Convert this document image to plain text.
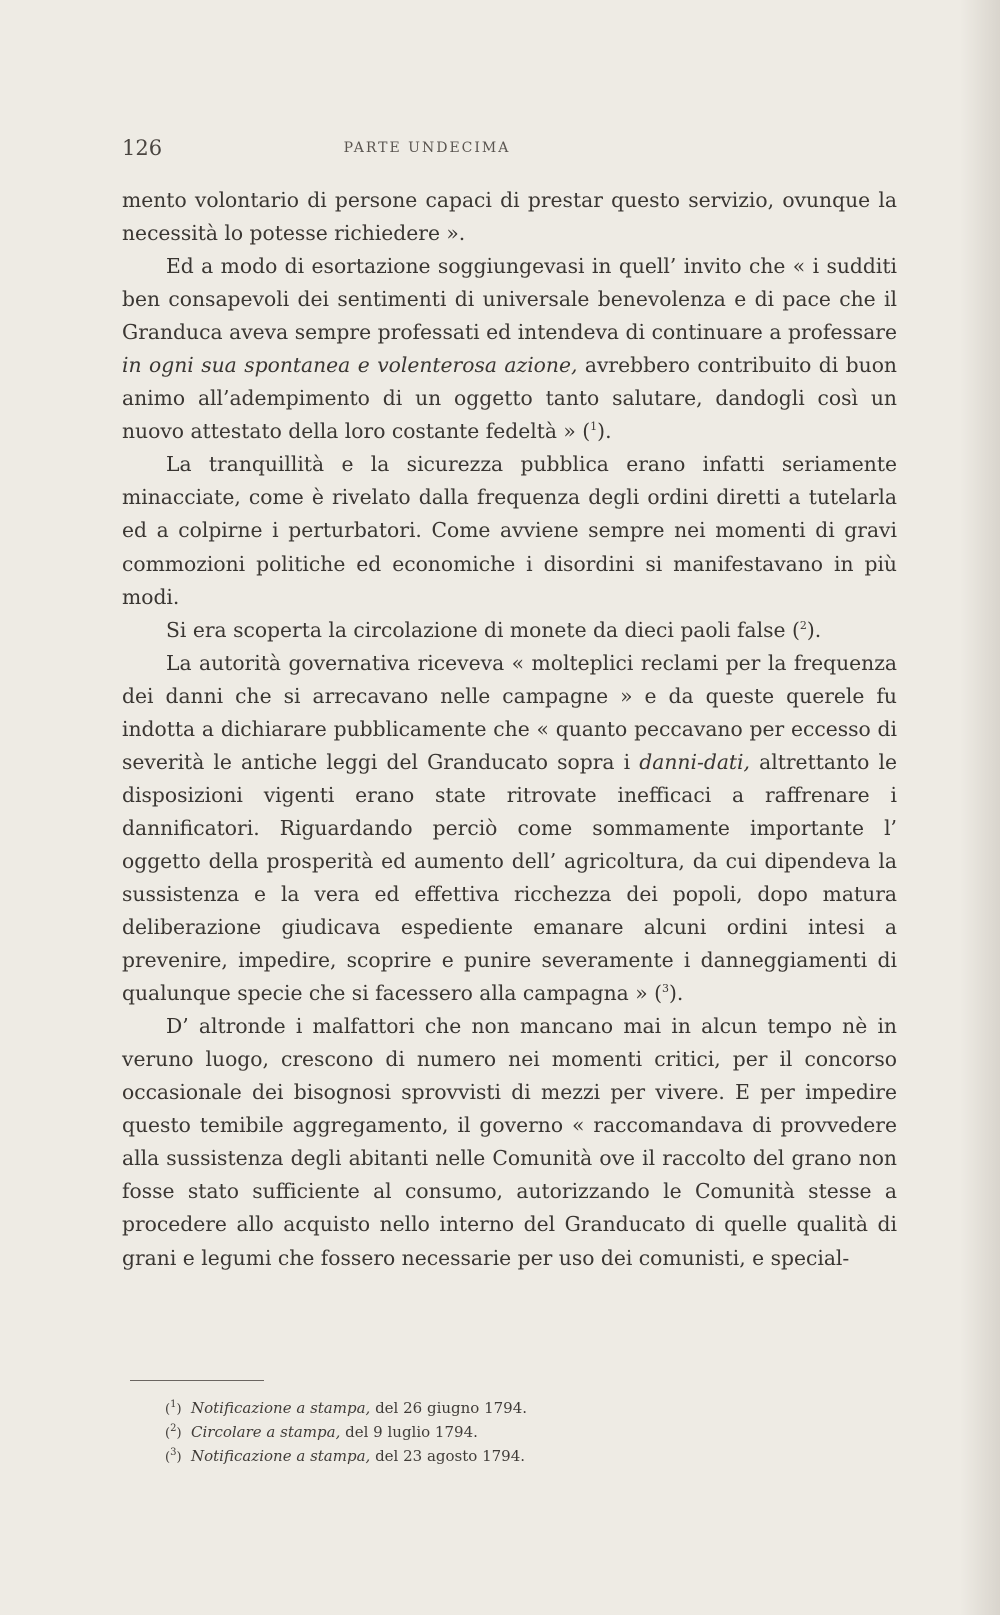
126	PARTE UNDECIMA

mento volontario di persone capaci di prestar questo servizio, ovunque la necessità lo potesse richiedere ».

Ed a modo di esortazione soggiungevasi in quell’ invito che « i sudditi ben consapevoli dei sentimenti di universale benevolenza e di pace che il Granduca aveva sempre professati ed intendeva di continuare a professare in ogni sua spontanea e volenterosa azione, avrebbero contribuito di buon animo all’adempimento di un oggetto tanto salutare, dandogli così un nuovo attestato della loro costante fedeltà » ($^1$).

La tranquillità e la sicurezza pubblica erano infatti seriamente minacciate, come è rivelato dalla frequenza degli ordini diretti a tutelarla ed a colpirne i perturbatori. Come avviene sempre nei momenti di gravi commozioni politiche ed economiche i disordini si manifestavano in più modi.

Si era scoperta la circolazione di monete da dieci paoli false ($^2$).

La autorità governativa riceveva « molteplici reclami per la frequenza dei danni che si arrecavano nelle campagne » e da queste querele fu indotta a dichiarare pubblicamente che « quanto peccavano per eccesso di severità le antiche leggi del Granducato sopra i danni-dati, altrettanto le disposizioni vigenti erano state ritrovate inefficaci a raffrenare i dannificatori. Riguardando perciò come sommamente importante l’ oggetto della prosperità ed aumento dell’ agricoltura, da cui dipendeva la sussistenza e la vera ed effettiva ricchezza dei popoli, dopo matura deliberazione giudicava espediente emanare alcuni ordini intesi a prevenire, impedire, scoprire e punire severamente i danneggiamenti di qualunque specie che si facessero alla campagna » ($^3$).

D’ altronde i malfattori che non mancano mai in alcun tempo nè in veruno luogo, crescono di numero nei momenti critici, per il concorso occasionale dei bisognosi sprovvisti di mezzi per vivere. E per impedire questo temibile aggregamento, il governo « raccomandava di provvedere alla sussistenza degli abitanti nelle Comunità ove il raccolto del grano non fosse stato sufficiente al consumo, autorizzando le Comunità stesse a procedere allo acquisto nello interno del Granducato di quelle qualità di grani e legumi che fossero necessarie per uso dei comunisti, e special-

($^1$) Notificazione a stampa, del 26 giugno 1794.

($^2$) Circolare a stampa, del 9 luglio 1794.

($^3$) Notificazione a stampa, del 23 agosto 1794.
